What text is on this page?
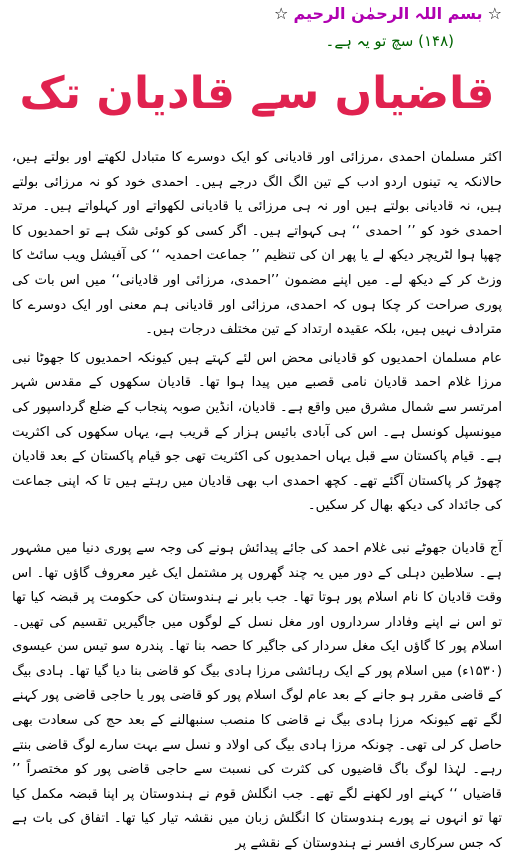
☆ بسم اللہ الرحمٰن الرحیم ☆
(۱۴۸) سچ تو یہ ہے۔
قاضیاں سے قادیان تک

اکثر مسلمان احمدی ،مرزائی اور قادیانی کو ایک دوسرے کا متبادل لکھتے اور بولتے ہیں، حالانکہ یہ تینوں اردو ادب کے تین الگ الگ درجے ہیں۔ احمدی خود کو نہ مرزائی بولتے ہیں، نہ قادیانی بولتے ہیں اور نہ ہی مرزائی یا قادیانی لکھواتے اور کہلواتے ہیں۔ مرتد احمدی خود کو ’’ احمدی ‘‘ ہی کہواتے ہیں۔ اگر کسی کو کوئی شک ہے تو احمدیوں کا چھپا ہوا لٹریچر دیکھ لے یا پھر ان کی تنظیم ’’ جماعت احمدیہ ‘‘ کی آفیشل ویب سائٹ کا وزٹ کر کے دیکھ لے۔ میں اپنے مضمون ’’احمدی، مرزائی اور قادیانی‘‘ میں اس بات کی پوری صراحت کر چکا ہوں کہ احمدی، مرزائی اور قادیانی ہم معنی اور ایک دوسرے کا مترادف نہیں ہیں، بلکہ عقیدہ ارتداد کے تین مختلف درجات ہیں۔

عام مسلمان احمدیوں کو قادیانی محض اس لئے کہتے ہیں کیونکہ احمدیوں کا جھوٹا نبی مرزا غلام احمد قادیان نامی قصبے میں پیدا ہوا تھا۔ قادیان سکھوں کے مقدس شہر امرتسر سے شمال مشرق میں واقع ہے۔ قادیان، انڈین صوبہ پنجاب کے ضلع گرداسپور کی میونسپل کونسل ہے۔ اس کی آبادی بائیس ہزار کے قریب ہے، یہاں سکھوں کی اکثریت ہے۔ قیام پاکستان سے قبل یہاں احمدیوں کی اکثریت تھی جو قیام پاکستان کے بعد قادیان چھوڑ کر پاکستان آگئے تھے۔ کچھ احمدی اب بھی قادیان میں رہتے ہیں تا کہ اپنی جماعت کی جائداد کی دیکھ بھال کر سکیں۔

آج قادیان جھوٹے نبی غلام احمد کی جائے پیدائش ہونے کی وجہ سے پوری دنیا میں مشہور ہے۔ سلاطین دہلی کے دور میں یہ چند گھروں پر مشتمل ایک غیر معروف گاؤں تھا۔ اس وقت قادیان کا نام اسلام پور ہوتا تھا۔ جب بابر نے ہندوستان کی حکومت پر قبضہ کیا تھا تو اس نے اپنے وفادار سرداروں اور مغل نسل کے لوگوں میں جاگیریں تقسیم کی تھیں۔ اسلام پور کا گاؤں ایک مغل سردار کی جاگیر کا حصہ بنا تھا۔ پندرہ سو تیس سن عیسوی (۱۵۳۰ء) میں اسلام پور کے ایک رہائشی مرزا ہادی بیگ کو قاضی بنا دیا گیا تھا۔ ہادی بیگ کے قاضی مقرر ہو جانے کے بعد عام لوگ اسلام پور کو قاضی پور یا حاجی قاضی پور کہنے لگے تھے کیونکہ مرزا ہادی بیگ نے قاضی کا منصب سنبھالنے کے بعد حج کی سعادت بھی حاصل کر لی تھی۔ چونکہ مرزا ہادی بیگ کی اولاد و نسل سے بہت سارے لوگ قاضی بنتے رہے۔ لہٰذا لوگ باگ قاضیوں کی کثرت کی نسبت سے حاجی قاضی پور کو مختصراً ’’ قاضیاں ‘‘ کہنے اور لکھنے لگے تھے۔ جب انگلش قوم نے ہندوستان پر اپنا قبضہ مکمل کیا تھا تو انہوں نے پورے ہندوستان کا انگلش زبان میں نقشہ تیار کیا تھا۔ اتفاق کی بات ہے کہ جس سرکاری افسر نے ہندوستان کے نقشے پر
